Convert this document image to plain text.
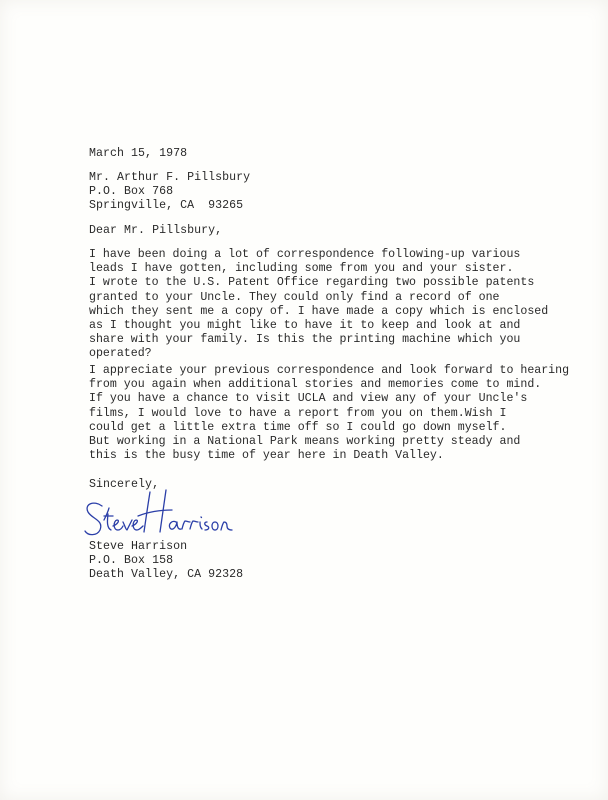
March 15, 1978
Mr. Arthur F. Pillsbury
P.O. Box 768
Springville, CA  93265
Dear Mr. Pillsbury,
I have been doing a lot of correspondence following-up various
leads I have gotten, including some from you and your sister.
I wrote to the U.S. Patent Office regarding two possible patents
granted to your Uncle. They could only find a record of one
which they sent me a copy of. I have made a copy which is enclosed
as I thought you might like to have it to keep and look at and
share with your family. Is this the printing machine which you
operated?
I appreciate your previous correspondence and look forward to hearing
from you again when additional stories and memories come to mind.
If you have a chance to visit UCLA and view any of your Uncle's
films, I would love to have a report from you on them.Wish I
could get a little extra time off so I could go down myself.
But working in a National Park means working pretty steady and
this is the busy time of year here in Death Valley.
Sincerely,
Steve Harrison
P.O. Box 158
Death Valley, CA 92328
